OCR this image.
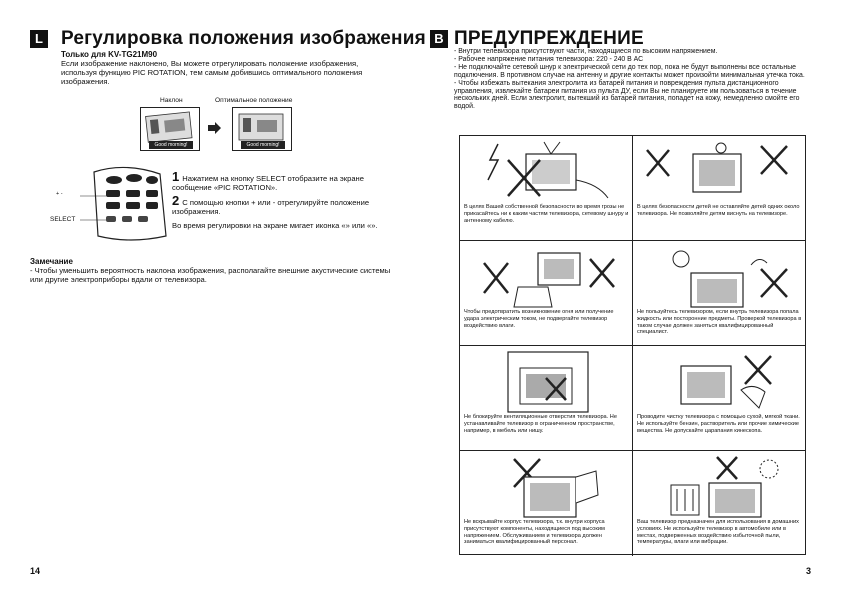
L Регулировка положения изображения
Только для KV-TG21M90
Если изображение наклонено, Вы можете отрегулировать положение изображения, используя функцию PIC ROTATION, тем самым добившись оптимального положения изображения.
Наклон	Оптимальное положение
Good morning!	Good morning!
+ -
SELECT
1 Нажатием на кнопку SELECT отобразите на экране сообщение «PIC ROTATION».
2 С помощью кнопки + или - отрегулируйте положение изображения.
Во время регулировки на экране мигает иконка «» или «».
Замечание
- Чтобы уменьшить вероятность наклона изображения, располагайте внешние акустические системы или другие электроприборы вдали от телевизора.
14
B ПРЕДУПРЕЖДЕНИЕ
- Внутри телевизора присутствуют части, находящиеся по высоким напряжением.
- Рабочее напряжение питания телевизора: 220 - 240 В АС
- Не подключайте сетевой шнур к электрической сети до тех пор, пока не будут выполнены все остальные подключения. В противном случае на антенну и другие контакты может произойти минимальная утечка тока.
- Чтобы избежать вытекания электролита из батарей питания и повреждения пульта дистанционного управления, извлекайте батареи питания из пульта ДУ, если Вы не планируете им пользоваться в течение нескольких дней. Если электролит, вытекший из батарей питания, попадет на кожу, немедленно смойте его водой.
В целях Вашей собственной безопасности во время грозы не прикасайтесь ни к каким частям телевизора, сетевому шнуру и антенному кабелю.
В целях безопасности детей не оставляйте детей одних около телевизора. Не позволяйте детям виснуть на телевизоре.
Чтобы предотвратить возникновение огня или получение удара электрическим током, не подвергайте телевизор воздействию влаги.
Не пользуйтесь телевизором, если внутрь телевизора попала жидкость или посторонние предметы. Проверкой телевизора в таком случае должен заняться квалифицированный специалист.
Не блокируйте вентиляционные отверстия телевизора. Не устанавливайте телевизор в ограниченном пространстве, например, в мебель или нишу.
Проводите чистку телевизора с помощью сухой, мягкой ткани. Не используйте бензин, растворитель или прочие химические вещества. Не допускайте царапания кинескопа.
Не вскрывайте корпус телевизора, т.к. внутри корпуса присутствуют компоненты, находящиеся под высоким напряжением. Обслуживанием и телевизора должен заниматься квалифицированный персонал.
Ваш телевизор предназначен для использования в домашних условиях. Не используйте телевизор в автомобиле или в местах, подверженных воздействию избыточной пыли, температуры, влаги или вибрации.
3
